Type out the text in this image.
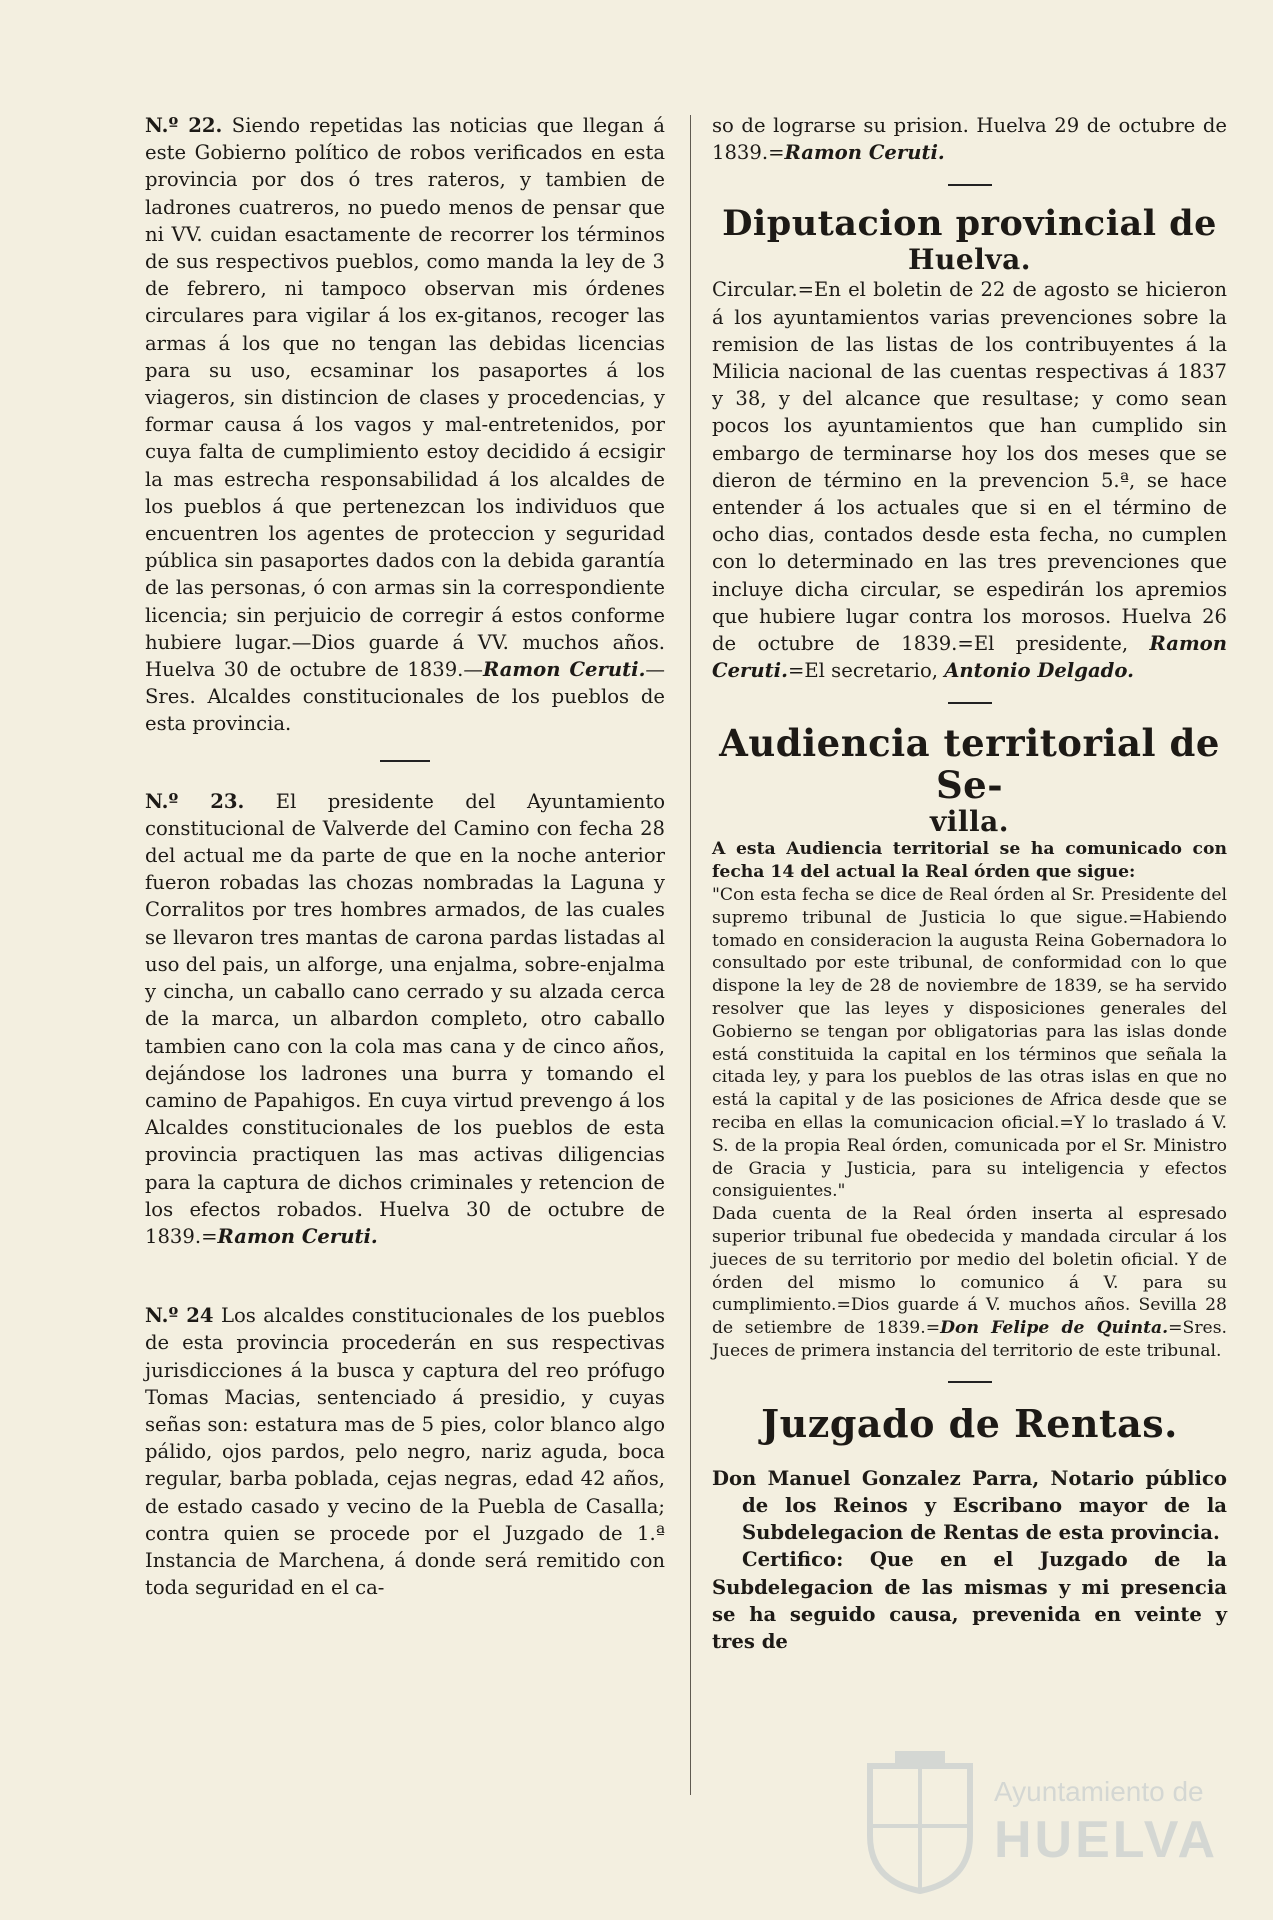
N.º 22. Siendo repetidas las noticias que llegan á este Gobierno político de robos verificados en esta provincia por dos ó tres rateros, y tambien de ladrones cuatreros, no puedo menos de pensar que ni VV. cuidan esactamente de recorrer los términos de sus respectivos pueblos, como manda la ley de 3 de febrero, ni tampoco observan mis órdenes circulares para vigilar á los ex-gitanos, recoger las armas á los que no tengan las debidas licencias para su uso, ecsaminar los pasaportes á los viageros, sin distincion de clases y procedencias, y formar causa á los vagos y mal-entretenidos, por cuya falta de cumplimiento estoy decidido á ecsigir la mas estrecha responsabilidad á los alcaldes de los pueblos á que pertenezcan los individuos que encuentren los agentes de proteccion y seguridad pública sin pasaportes dados con la debida garantía de las personas, ó con armas sin la correspondiente licencia; sin perjuicio de corregir á estos conforme hubiere lugar.—Dios guarde á VV. muchos años. Huelva 30 de octubre de 1839.—Ramon Ceruti.—Sres. Alcaldes constitucionales de los pueblos de esta provincia.

N.º 23. El presidente del Ayuntamiento constitucional de Valverde del Camino con fecha 28 del actual me da parte de que en la noche anterior fueron robadas las chozas nombradas la Laguna y Corralitos por tres hombres armados, de las cuales se llevaron tres mantas de carona pardas listadas al uso del pais, un alforge, una enjalma, sobre-enjalma y cincha, un caballo cano cerrado y su alzada cerca de la marca, un albardon completo, otro caballo tambien cano con la cola mas cana y de cinco años, dejándose los ladrones una burra y tomando el camino de Papahigos. En cuya virtud prevengo á los Alcaldes constitucionales de los pueblos de esta provincia practiquen las mas activas diligencias para la captura de dichos criminales y retencion de los efectos robados. Huelva 30 de octubre de 1839.=Ramon Ceruti.

N.º 24 Los alcaldes constitucionales de los pueblos de esta provincia procederán en sus respectivas jurisdicciones á la busca y captura del reo prófugo Tomas Macias, sentenciado á presidio, y cuyas señas son: estatura mas de 5 pies, color blanco algo pálido, ojos pardos, pelo negro, nariz aguda, boca regular, barba poblada, cejas negras, edad 42 años, de estado casado y vecino de la Puebla de Casalla; contra quien se procede por el Juzgado de 1.ª Instancia de Marchena, á donde será remitido con toda seguridad en el ca-

so de lograrse su prision. Huelva 29 de octubre de 1839.=Ramon Ceruti.

Diputacion provincial de
Huelva.

Circular.=En el boletin de 22 de agosto se hicieron á los ayuntamientos varias prevenciones sobre la remision de las listas de los contribuyentes á la Milicia nacional de las cuentas respectivas á 1837 y 38, y del alcance que resultase; y como sean pocos los ayuntamientos que han cumplido sin embargo de terminarse hoy los dos meses que se dieron de término en la prevencion 5.ª, se hace entender á los actuales que si en el término de ocho dias, contados desde esta fecha, no cumplen con lo determinado en las tres prevenciones que incluye dicha circular, se espedirán los apremios que hubiere lugar contra los morosos. Huelva 26 de octubre de 1839.=El presidente, Ramon Ceruti.=El secretario, Antonio Delgado.

Audiencia territorial de Se-
villa.

A esta Audiencia territorial se ha comunicado con fecha 14 del actual la Real órden que sigue:

"Con esta fecha se dice de Real órden al Sr. Presidente del supremo tribunal de Justicia lo que sigue.=Habiendo tomado en consideracion la augusta Reina Gobernadora lo consultado por este tribunal, de conformidad con lo que dispone la ley de 28 de noviembre de 1839, se ha servido resolver que las leyes y disposiciones generales del Gobierno se tengan por obligatorias para las islas donde está constituida la capital en los términos que señala la citada ley, y para los pueblos de las otras islas en que no está la capital y de las posiciones de Africa desde que se reciba en ellas la comunicacion oficial.=Y lo traslado á V. S. de la propia Real órden, comunicada por el Sr. Ministro de Gracia y Justicia, para su inteligencia y efectos consiguientes."

Dada cuenta de la Real órden inserta al espresado superior tribunal fue obedecida y mandada circular á los jueces de su territorio por medio del boletin oficial. Y de órden del mismo lo comunico á V. para su cumplimiento.=Dios guarde á V. muchos años. Sevilla 28 de setiembre de 1839.=Don Felipe de Quinta.=Sres. Jueces de primera instancia del territorio de este tribunal.

Juzgado de Rentas.

Don Manuel Gonzalez Parra, Notario público de los Reinos y Escribano mayor de la Subdelegacion de Rentas de esta provincia.

Certifico: Que en el Juzgado de la Subdelegacion de las mismas y mi presencia se ha seguido causa, prevenida en veinte y tres de

Ayuntamiento de
HUELVA
